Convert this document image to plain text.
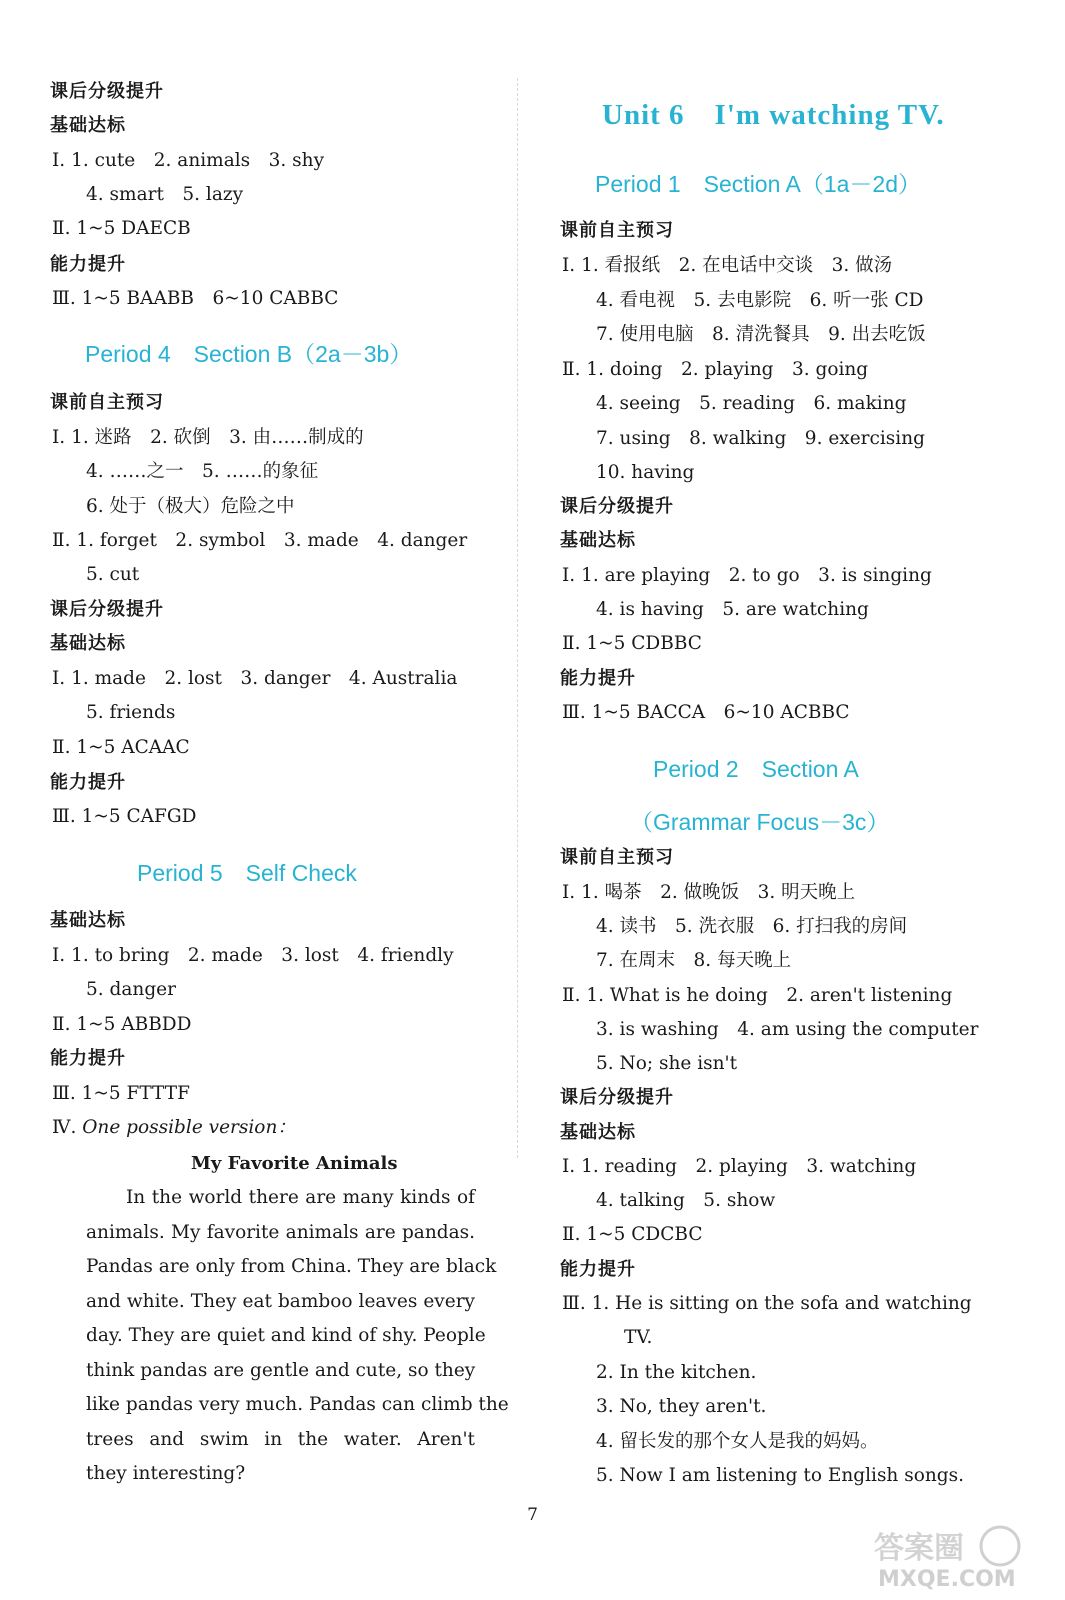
课后分级提升
基础达标
Ⅰ. 1. cute　2. animals　3. shy
4. smart　5. lazy
Ⅱ. 1~5 DAECB
能力提升
Ⅲ. 1~5 BAABB　6~10 CABBC
Period 4　Section B（2a－3b）
课前自主预习
Ⅰ. 1. 迷路　2. 砍倒　3. 由……制成的
4. ……之一　5. ……的象征
6. 处于（极大）危险之中
Ⅱ. 1. forget　2. symbol　3. made　4. danger
5. cut
课后分级提升
基础达标
Ⅰ. 1. made　2. lost　3. danger　4. Australia
5. friends
Ⅱ. 1~5 ACAAC
能力提升
Ⅲ. 1~5 CAFGD
Period 5　Self Check
基础达标
Ⅰ. 1. to bring　2. made　3. lost　4. friendly
5. danger
Ⅱ. 1~5 ABBDD
能力提升
Ⅲ. 1~5 FTTTF
Ⅳ. One possible version：
My Favorite Animals
In the world there are many kinds of
animals. My favorite animals are pandas.
Pandas are only from China. They are black
and white. They eat bamboo leaves every
day. They are quiet and kind of shy. People
think pandas are gentle and cute, so they
like pandas very much. Pandas can climb the
trees and swim in the water. Aren't
they interesting?
Unit 6　I'm watching TV.
Period 1　Section A（1a－2d）
课前自主预习
Ⅰ. 1. 看报纸　2. 在电话中交谈　3. 做汤
4. 看电视　5. 去电影院　6. 听一张 CD
7. 使用电脑　8. 清洗餐具　9. 出去吃饭
Ⅱ. 1. doing　2. playing　3. going
4. seeing　5. reading　6. making
7. using　8. walking　9. exercising
10. having
课后分级提升
基础达标
Ⅰ. 1. are playing　2. to go　3. is singing
4. is having　5. are watching
Ⅱ. 1~5 CDBBC
能力提升
Ⅲ. 1~5 BACCA　6~10 ACBBC
Period 2　Section A
（Grammar Focus－3c）
课前自主预习
Ⅰ. 1. 喝茶　2. 做晚饭　3. 明天晚上
4. 读书　5. 洗衣服　6. 打扫我的房间
7. 在周末　8. 每天晚上
Ⅱ. 1. What is he doing　2. aren't listening
3. is washing　4. am using the computer
5. No; she isn't
课后分级提升
基础达标
Ⅰ. 1. reading　2. playing　3. watching
4. talking　5. show
Ⅱ. 1~5 CDCBC
能力提升
Ⅲ. 1. He is sitting on the sofa and watching
TV.
2. In the kitchen.
3. No, they aren't.
4. 留长发的那个女人是我的妈妈。
5. Now I am listening to English songs.
7
答案圈
MXQE.COM
